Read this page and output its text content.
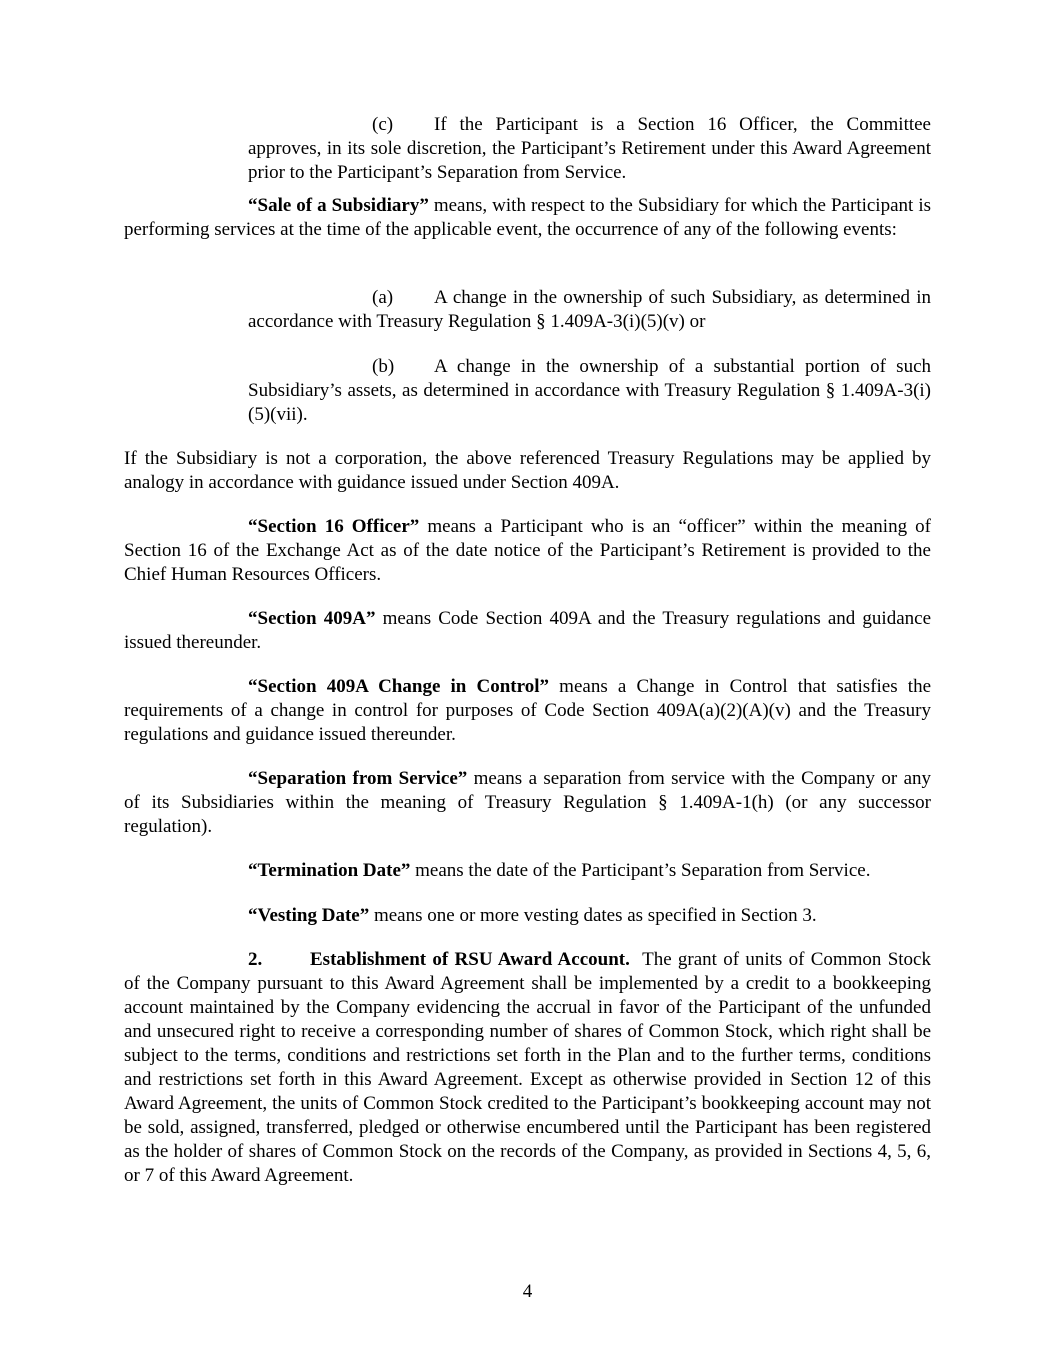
(c) If the Participant is a Section 16 Officer, the Committee approves, in its sole discretion, the Participant’s Retirement under this Award Agreement prior to the Participant’s Separation from Service.

“Sale of a Subsidiary” means, with respect to the Subsidiary for which the Participant is performing services at the time of the applicable event, the occurrence of any of the following events:

(a) A change in the ownership of such Subsidiary, as determined in accordance with Treasury Regulation § 1.409A-3(i)(5)(v) or

(b) A change in the ownership of a substantial portion of such Subsidiary’s assets, as determined in accordance with Treasury Regulation § 1.409A-3(i)(5)(vii).

If the Subsidiary is not a corporation, the above referenced Treasury Regulations may be applied by analogy in accordance with guidance issued under Section 409A.

“Section 16 Officer” means a Participant who is an “officer” within the meaning of Section 16 of the Exchange Act as of the date notice of the Participant’s Retirement is provided to the Chief Human Resources Officers.

“Section 409A” means Code Section 409A and the Treasury regulations and guidance issued thereunder.

“Section 409A Change in Control” means a Change in Control that satisfies the requirements of a change in control for purposes of Code Section 409A(a)(2)(A)(v) and the Treasury regulations and guidance issued thereunder.

“Separation from Service” means a separation from service with the Company or any of its Subsidiaries within the meaning of Treasury Regulation § 1.409A-1(h) (or any successor regulation).

“Termination Date” means the date of the Participant’s Separation from Service.

“Vesting Date” means one or more vesting dates as specified in Section 3.

2.	Establishment of RSU Award Account.  The grant of units of Common Stock of the Company pursuant to this Award Agreement shall be implemented by a credit to a bookkeeping account maintained by the Company evidencing the accrual in favor of the Participant of the unfunded and unsecured right to receive a corresponding number of shares of Common Stock, which right shall be subject to the terms, conditions and restrictions set forth in the Plan and to the further terms, conditions and restrictions set forth in this Award Agreement. Except as otherwise provided in Section 12 of this Award Agreement, the units of Common Stock credited to the Participant’s bookkeeping account may not be sold, assigned, transferred, pledged or otherwise encumbered until the Participant has been registered as the holder of shares of Common Stock on the records of the Company, as provided in Sections 4, 5, 6, or 7 of this Award Agreement.

4
